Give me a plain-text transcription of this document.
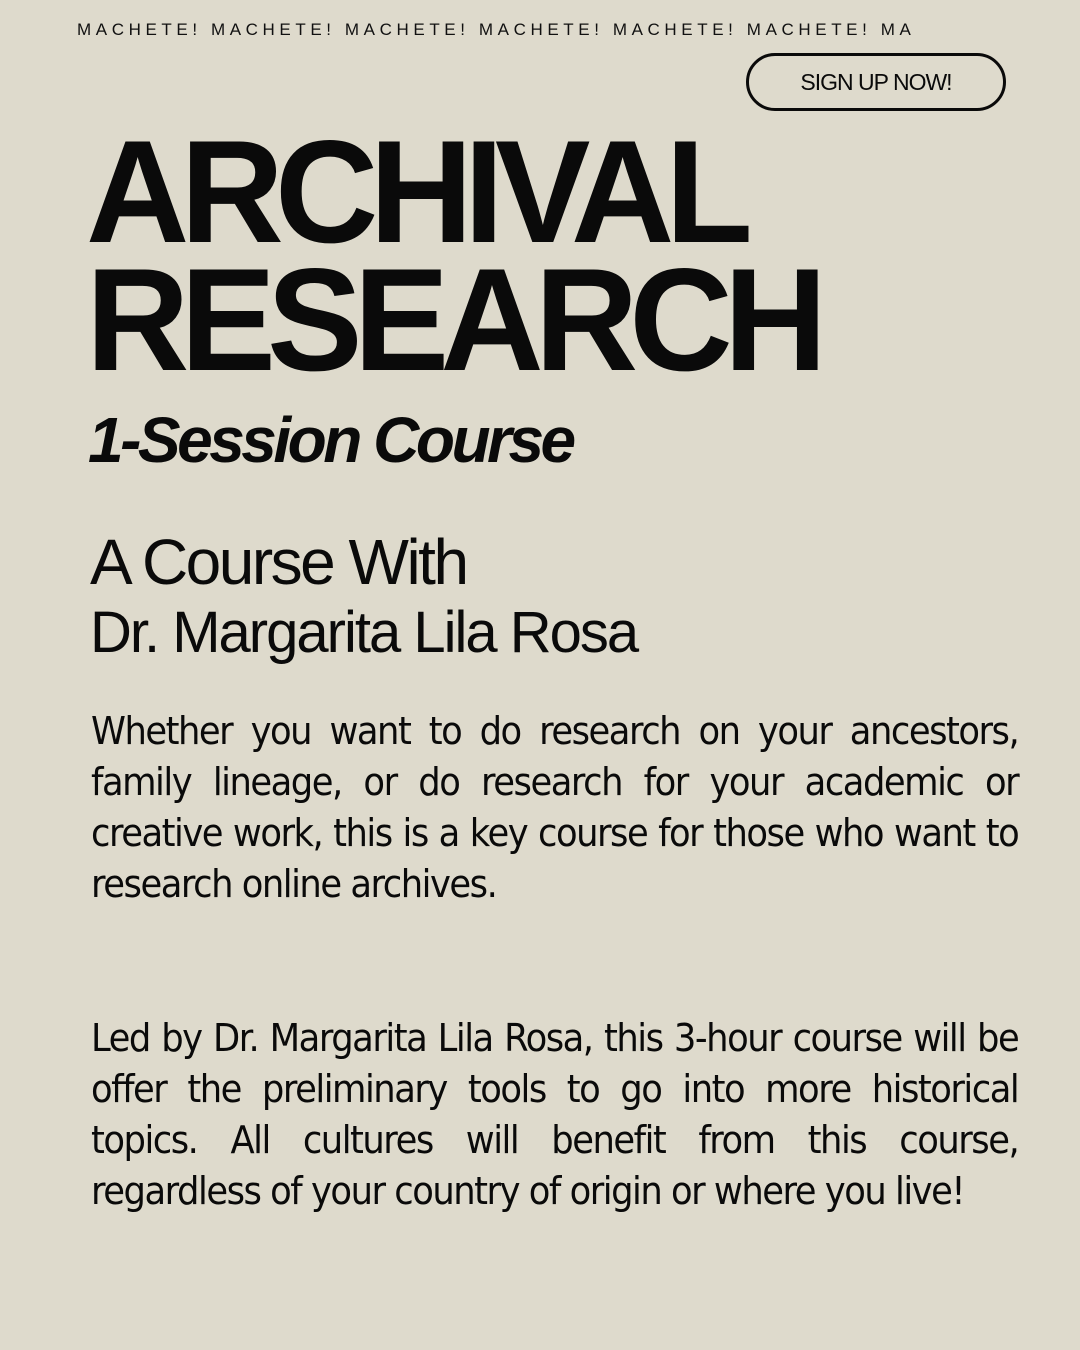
MACHETE! MACHETE! MACHETE! MACHETE! MACHETE! MACHETE! MA
SIGN UP NOW!
ARCHIVAL
RESEARCH
1-Session Course
A Course With
Dr. Margarita Lila Rosa

Whether you want to do research on your ancestors, family lineage, or do research for your academic or creative work, this is a key course for those who want to research online archives.

Led by Dr. Margarita Lila Rosa, this 3-hour course will be offer the preliminary tools to go into more historical topics. All cultures will benefit from this course, regardless of your country of origin or where you live!
